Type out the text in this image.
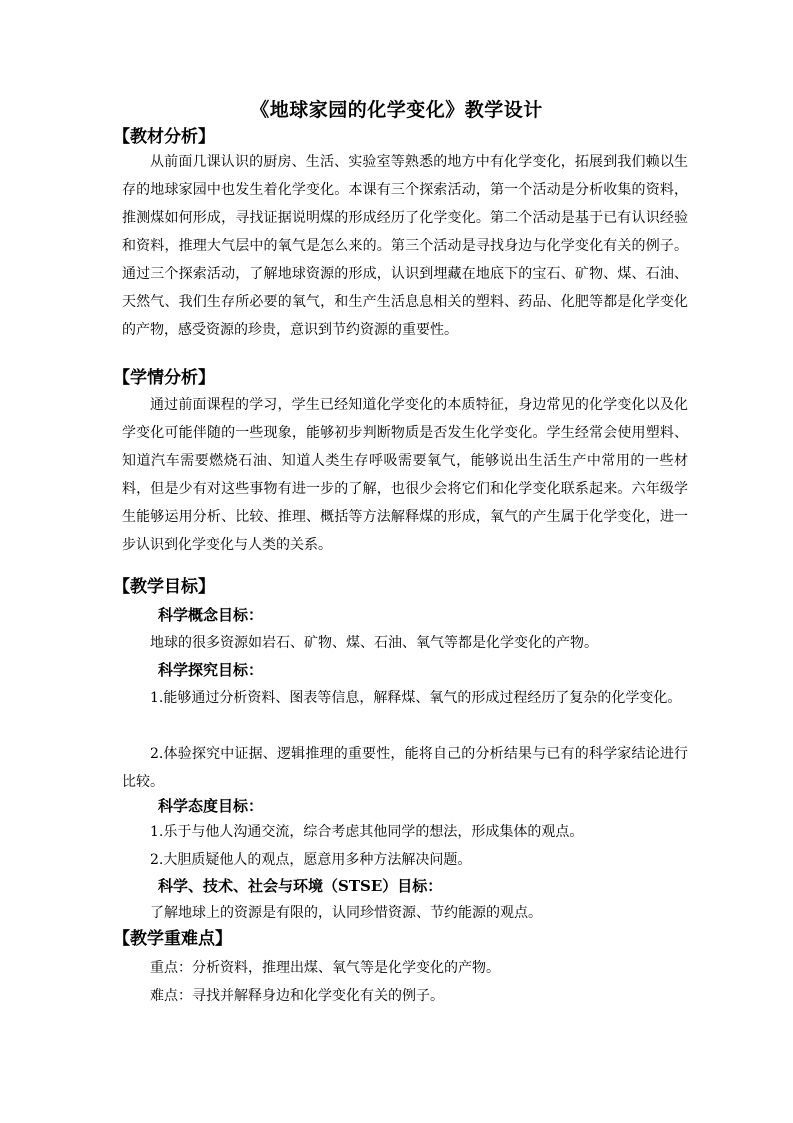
《地球家园的化学变化》教学设计
【教材分析】

从前面几课认识的厨房、生活、实验室等熟悉的地方中有化学变化，拓展到我们赖以生存的地球家园中也发生着化学变化。本课有三个探索活动，第一个活动是分析收集的资料，推测煤如何形成，寻找证据说明煤的形成经历了化学变化。第二个活动是基于已有认识经验和资料，推理大气层中的氧气是怎么来的。第三个活动是寻找身边与化学变化有关的例子。通过三个探索活动，了解地球资源的形成，认识到埋藏在地底下的宝石、矿物、煤、石油、天然气、我们生存所必要的氧气，和生产生活息息相关的塑料、药品、化肥等都是化学变化的产物，感受资源的珍贵，意识到节约资源的重要性。

【学情分析】

通过前面课程的学习，学生已经知道化学变化的本质特征，身边常见的化学变化以及化学变化可能伴随的一些现象，能够初步判断物质是否发生化学变化。学生经常会使用塑料、知道汽车需要燃烧石油、知道人类生存呼吸需要氧气，能够说出生活生产中常用的一些材料，但是少有对这些事物有进一步的了解，也很少会将它们和化学变化联系起来。六年级学生能够运用分析、比较、推理、概括等方法解释煤的形成，氧气的产生属于化学变化，进一步认识到化学变化与人类的关系。

【教学目标】
科学概念目标：
地球的很多资源如岩石、矿物、煤、石油、氧气等都是化学变化的产物。
科学探究目标：

1.能够通过分析资料、图表等信息，解释煤、氧气的形成过程经历了复杂的化学变化。

2.体验探究中证据、逻辑推理的重要性，能将自己的分析结果与已有的科学家结论进行比较。

科学态度目标：
1.乐于与他人沟通交流，综合考虑其他同学的想法，形成集体的观点。
2.大胆质疑他人的观点，愿意用多种方法解决问题。
科学、技术、社会与环境（STSE）目标：
了解地球上的资源是有限的，认同珍惜资源、节约能源的观点。
【教学重难点】
重点：分析资料，推理出煤、氧气等是化学变化的产物。
难点：寻找并解释身边和化学变化有关的例子。
